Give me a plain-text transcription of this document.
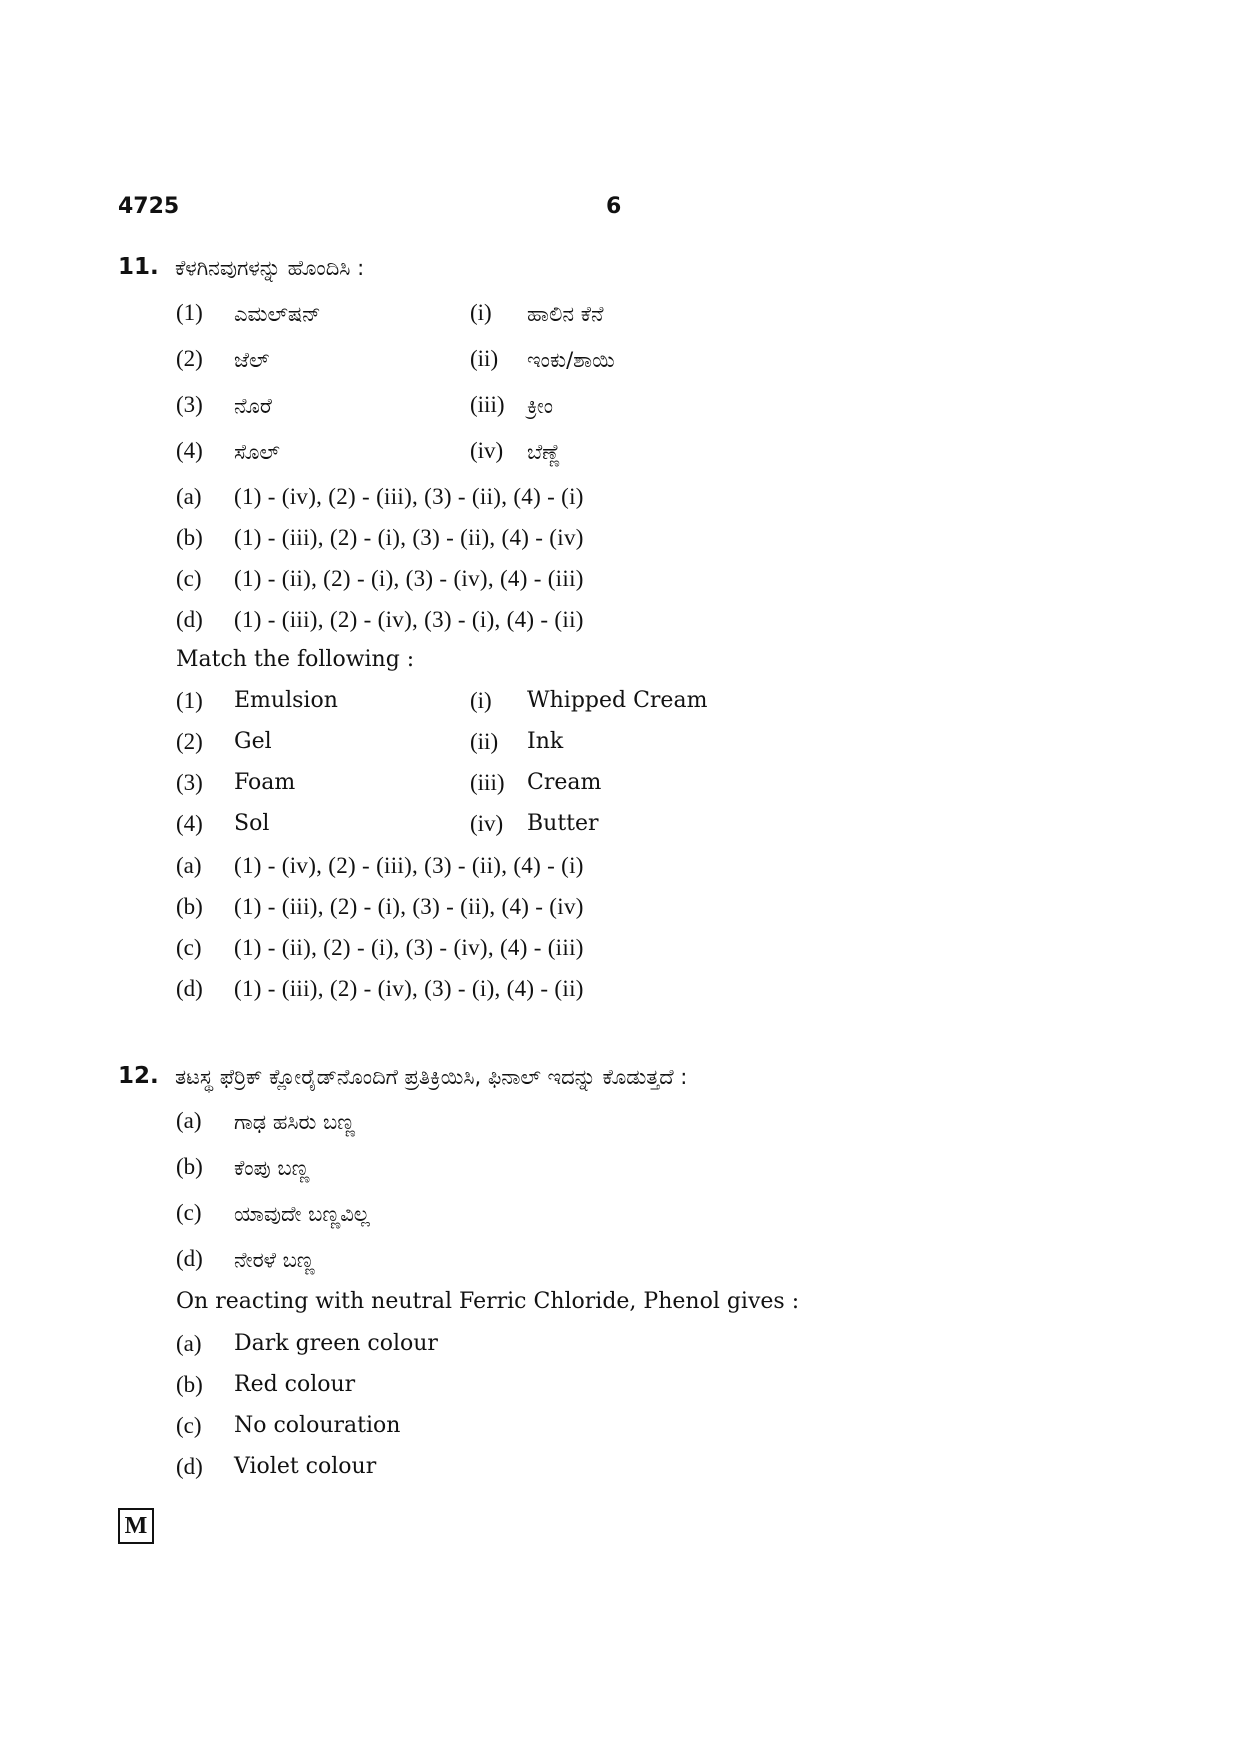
4725	6
11. ಕೆಳಗಿನವುಗಳನ್ನು ಹೊಂದಿಸಿ :
(1) ಎಮಲ್‌ಷನ್	(i) ಹಾಲಿನ ಕೆನೆ
(2) ಜೆಲ್	(ii) ಇಂಕು/ಶಾಯಿ
(3) ನೊರೆ	(iii) ಕ್ರೀಂ
(4) ಸೊಲ್	(iv) ಬೆಣ್ಣೆ
(a) (1) - (iv), (2) - (iii), (3) - (ii), (4) - (i)
(b) (1) - (iii), (2) - (i), (3) - (ii), (4) - (iv)
(c) (1) - (ii), (2) - (i), (3) - (iv), (4) - (iii)
(d) (1) - (iii), (2) - (iv), (3) - (i), (4) - (ii)
Match the following :
(1) Emulsion	(i) Whipped Cream
(2) Gel	(ii) Ink
(3) Foam	(iii) Cream
(4) Sol	(iv) Butter
(a) (1) - (iv), (2) - (iii), (3) - (ii), (4) - (i)
(b) (1) - (iii), (2) - (i), (3) - (ii), (4) - (iv)
(c) (1) - (ii), (2) - (i), (3) - (iv), (4) - (iii)
(d) (1) - (iii), (2) - (iv), (3) - (i), (4) - (ii)
12. ತಟಸ್ಥ ಫೆರ್ರಿಕ್ ಕ್ಲೋರೈಡ್‌ನೊಂದಿಗೆ ಪ್ರತಿಕ್ರಿಯಿಸಿ, ಫಿನಾಲ್ ಇದನ್ನು ಕೊಡುತ್ತದೆ :
(a) ಗಾಢ ಹಸಿರು ಬಣ್ಣ
(b) ಕೆಂಪು ಬಣ್ಣ
(c) ಯಾವುದೇ ಬಣ್ಣವಿಲ್ಲ
(d) ನೇರಳೆ ಬಣ್ಣ
On reacting with neutral Ferric Chloride, Phenol gives :
(a) Dark green colour
(b) Red colour
(c) No colouration
(d) Violet colour
M
